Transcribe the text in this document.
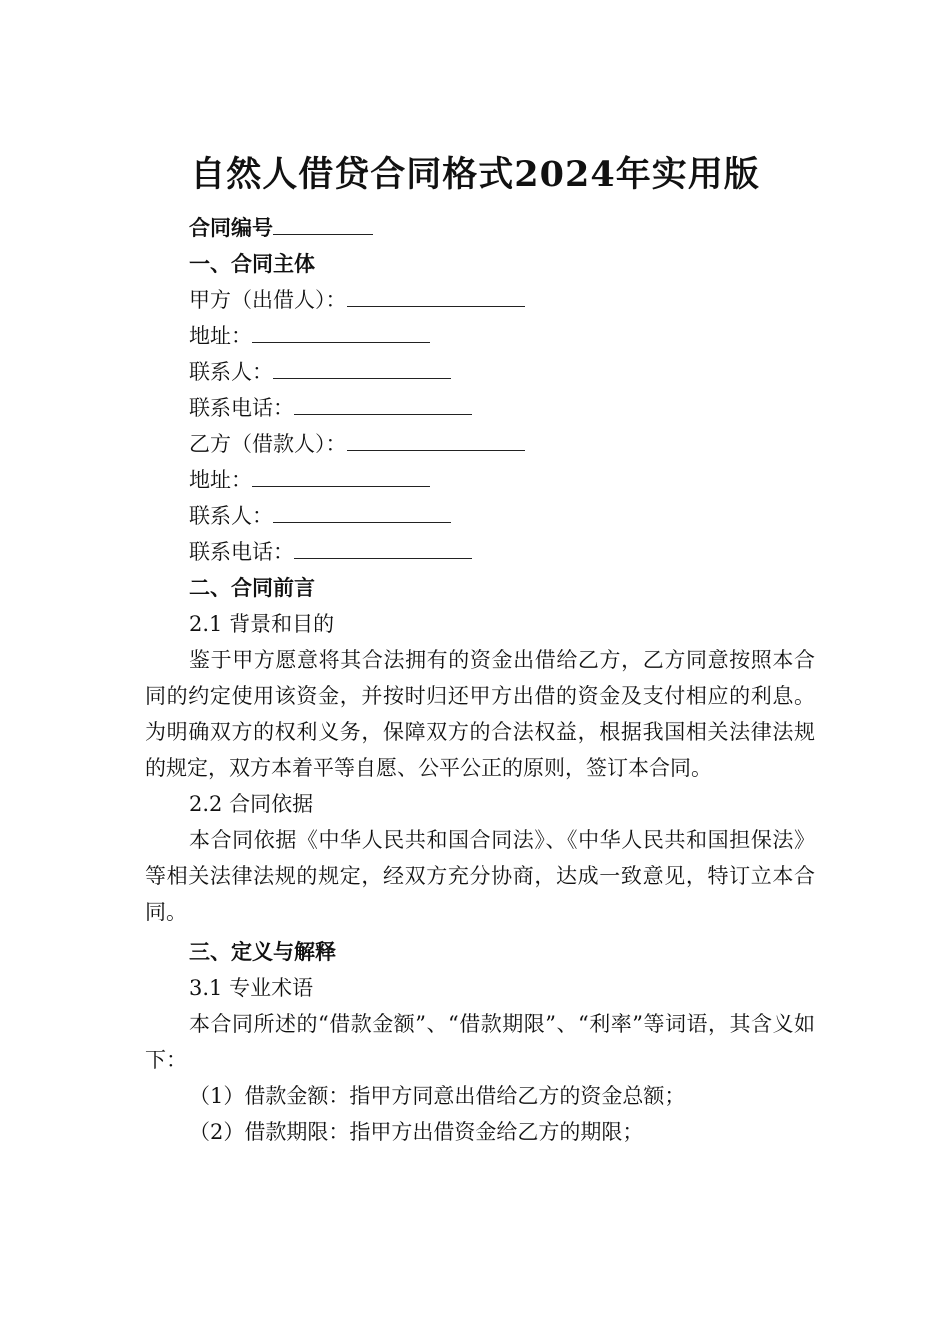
自然人借贷合同格式2024年实用版
合同编号
一、合同主体
甲方（出借人）：
地址：
联系人：
联系电话：
乙方（借款人）：
地址：
联系人：
联系电话：
二、合同前言
2.1 背景和目的
鉴于甲方愿意将其合法拥有的资金出借给乙方，乙方同意按照本合同的约定使用该资金，并按时归还甲方出借的资金及支付相应的利息。为明确双方的权利义务，保障双方的合法权益，根据我国相关法律法规的规定，双方本着平等自愿、公平公正的原则，签订本合同。
2.2 合同依据
本合同依据《中华人民共和国合同法》、《中华人民共和国担保法》等相关法律法规的规定，经双方充分协商，达成一致意见，特订立本合同。
三、定义与解释
3.1 专业术语
本合同所述的“借款金额”、“借款期限”、“利率”等词语，其含义如下：
（1）借款金额：指甲方同意出借给乙方的资金总额；
（2）借款期限：指甲方出借资金给乙方的期限；
